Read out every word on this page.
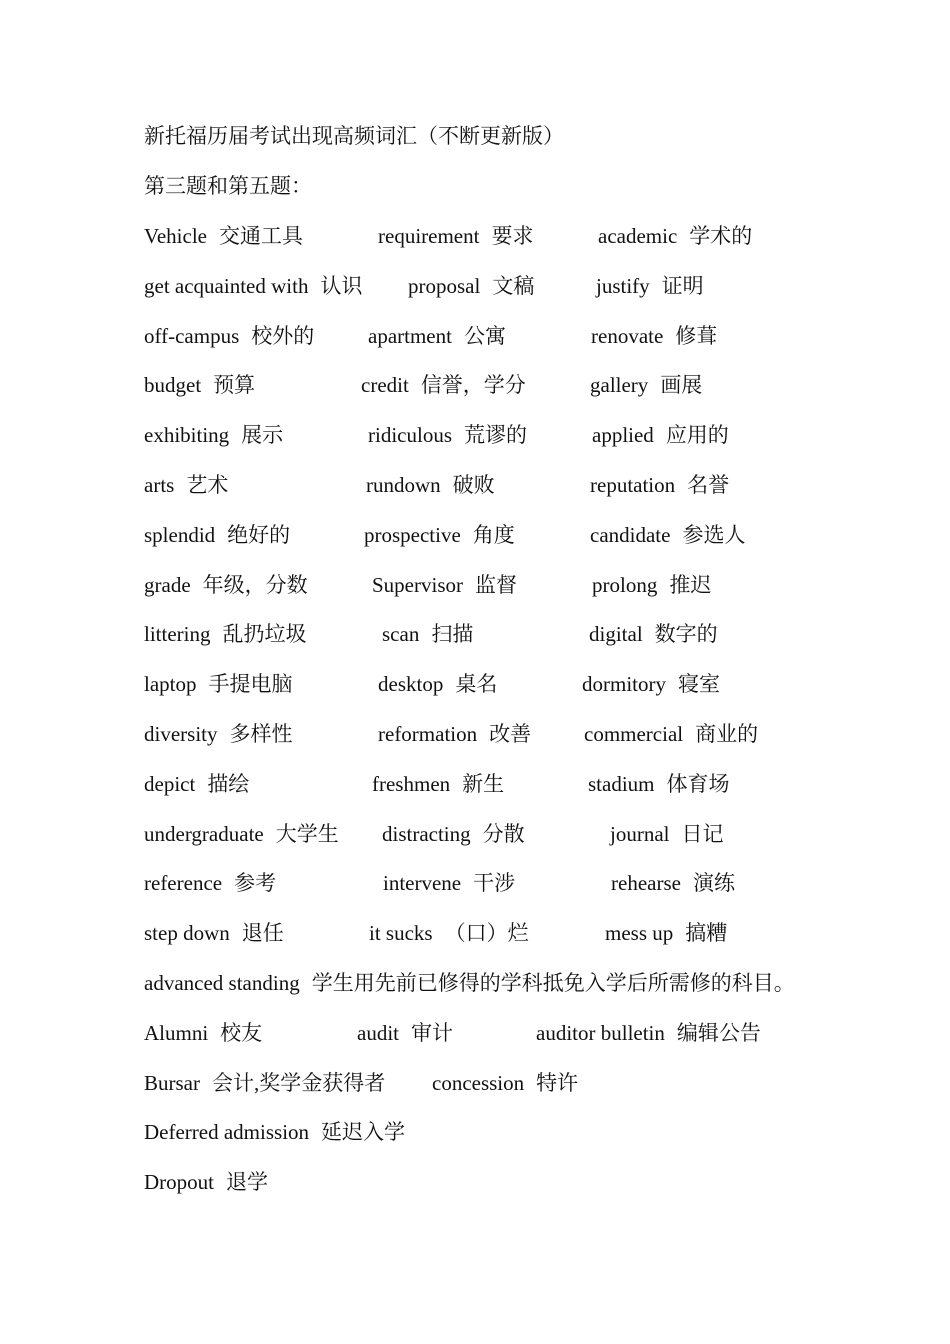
新托福历届考试出现高频词汇（不断更新版）
第三题和第五题：
Vehicle 交通工具	requirement 要求	academic 学术的
get acquainted with 认识 proposal 文稿	justify 证明
off-campus 校外的	apartment 公寓	renovate 修葺
budget 预算	credit 信誉，学分	gallery 画展
exhibiting 展示	ridiculous 荒谬的	applied 应用的
arts 艺术	rundown 破败	reputation 名誉
splendid 绝好的	prospective 角度	candidate 参选人
grade 年级，分数	Supervisor 监督	prolong 推迟
littering 乱扔垃圾	scan 扫描	digital 数字的
laptop 手提电脑	desktop 桌名	dormitory 寝室
diversity 多样性	reformation 改善	commercial 商业的
depict 描绘	freshmen 新生	stadium 体育场
undergraduate 大学生 distracting 分散	journal 日记
reference 参考	intervene 干涉	rehearse 演练
step down 退任	it sucks （口）烂	mess up 搞糟
advanced standing 学生用先前已修得的学科抵免入学后所需修的科目。
Alumni 校友	audit 审计	auditor bulletin 编辑公告
Bursar 会计,奖学金获得者 concession 特许
Deferred admission 延迟入学
Dropout 退学
